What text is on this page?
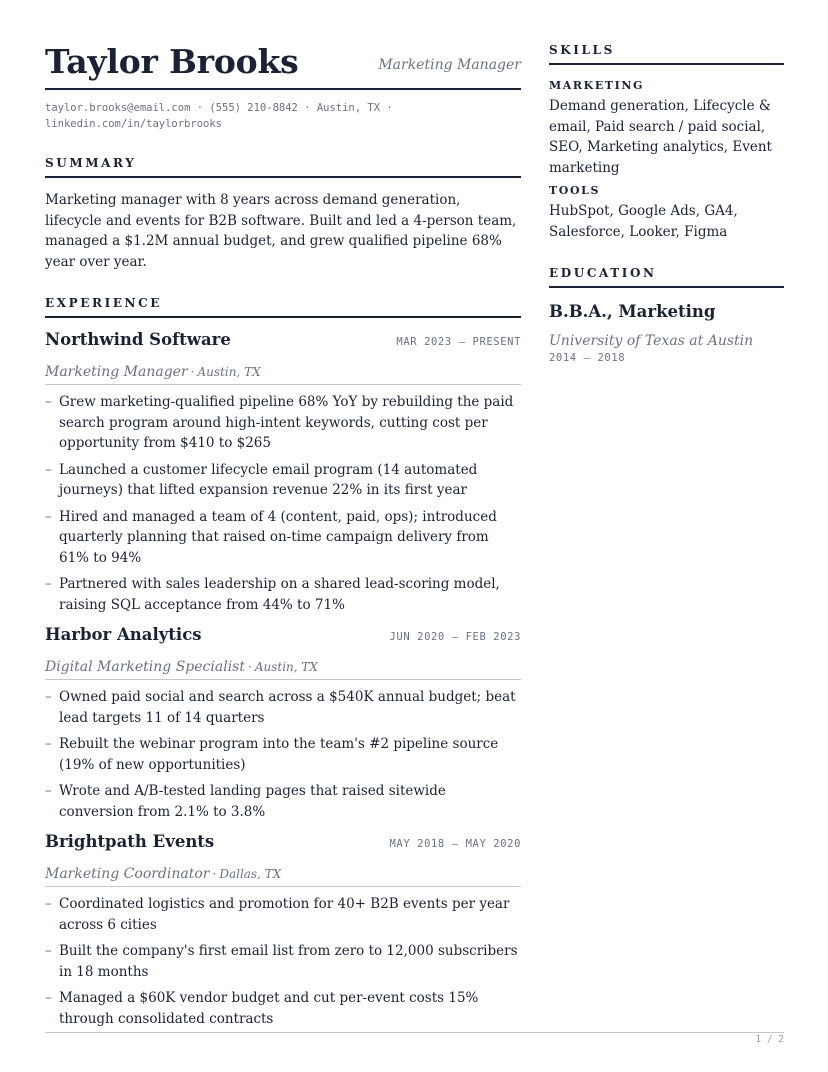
Taylor Brooks	Marketing Manager
taylor.brooks@email.com · (555) 210-8842 · Austin, TX ·
linkedin.com/in/taylorbrooks
SUMMARY
Marketing manager with 8 years across demand generation, lifecycle and events for B2B software. Built and led a 4-person team, managed a $1.2M annual budget, and grew qualified pipeline 68% year over year.
EXPERIENCE
Northwind Software	MAR 2023 – PRESENT
Marketing Manager · Austin, TX
– Grew marketing-qualified pipeline 68% YoY by rebuilding the paid search program around high-intent keywords, cutting cost per opportunity from $410 to $265
– Launched a customer lifecycle email program (14 automated journeys) that lifted expansion revenue 22% in its first year
– Hired and managed a team of 4 (content, paid, ops); introduced quarterly planning that raised on-time campaign delivery from 61% to 94%
– Partnered with sales leadership on a shared lead-scoring model, raising SQL acceptance from 44% to 71%
Harbor Analytics	JUN 2020 – FEB 2023
Digital Marketing Specialist · Austin, TX
– Owned paid social and search across a $540K annual budget; beat lead targets 11 of 14 quarters
– Rebuilt the webinar program into the team's #2 pipeline source (19% of new opportunities)
– Wrote and A/B-tested landing pages that raised sitewide conversion from 2.1% to 3.8%
Brightpath Events	MAY 2018 – MAY 2020
Marketing Coordinator · Dallas, TX
– Coordinated logistics and promotion for 40+ B2B events per year across 6 cities
– Built the company's first email list from zero to 12,000 subscribers in 18 months
– Managed a $60K vendor budget and cut per-event costs 15% through consolidated contracts
SKILLS
MARKETING
Demand generation, Lifecycle & email, Paid search / paid social, SEO, Marketing analytics, Event marketing
TOOLS
HubSpot, Google Ads, GA4, Salesforce, Looker, Figma
EDUCATION
B.B.A., Marketing
University of Texas at Austin
2014 – 2018
1 / 2
